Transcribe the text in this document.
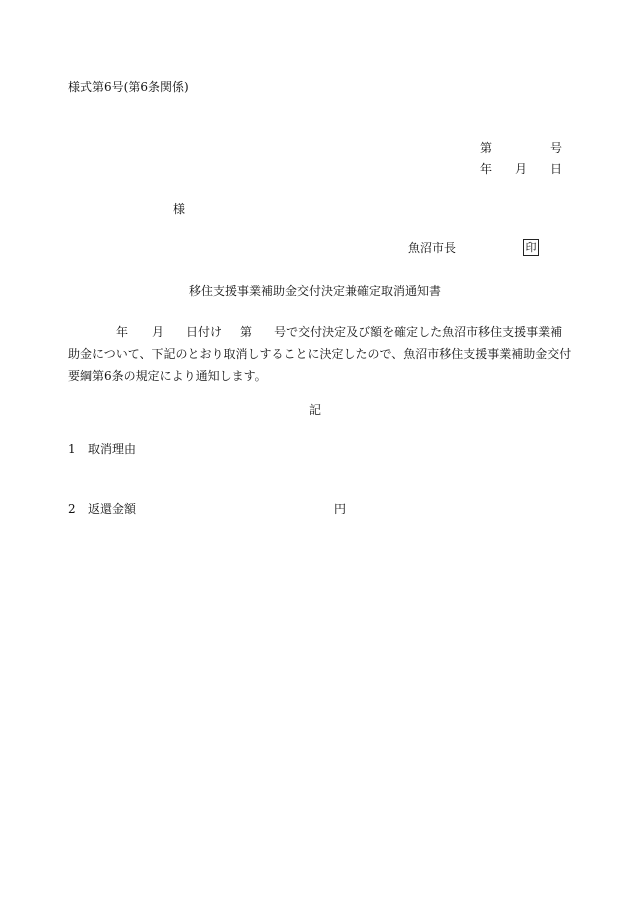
様式第6号(第6条関係)
第	号
年 月 日
様
魚沼市長	印
移住支援事業補助金交付決定兼確定取消通知書
年 月 日付け 第 号で交付決定及び額を確定した魚沼市移住支援事業補
助金について、下記のとおり取消しすることに決定したので、魚沼市移住支援事業補助金交付
要綱第6条の規定により通知します。
記
1 取消理由
2 返還金額	円
